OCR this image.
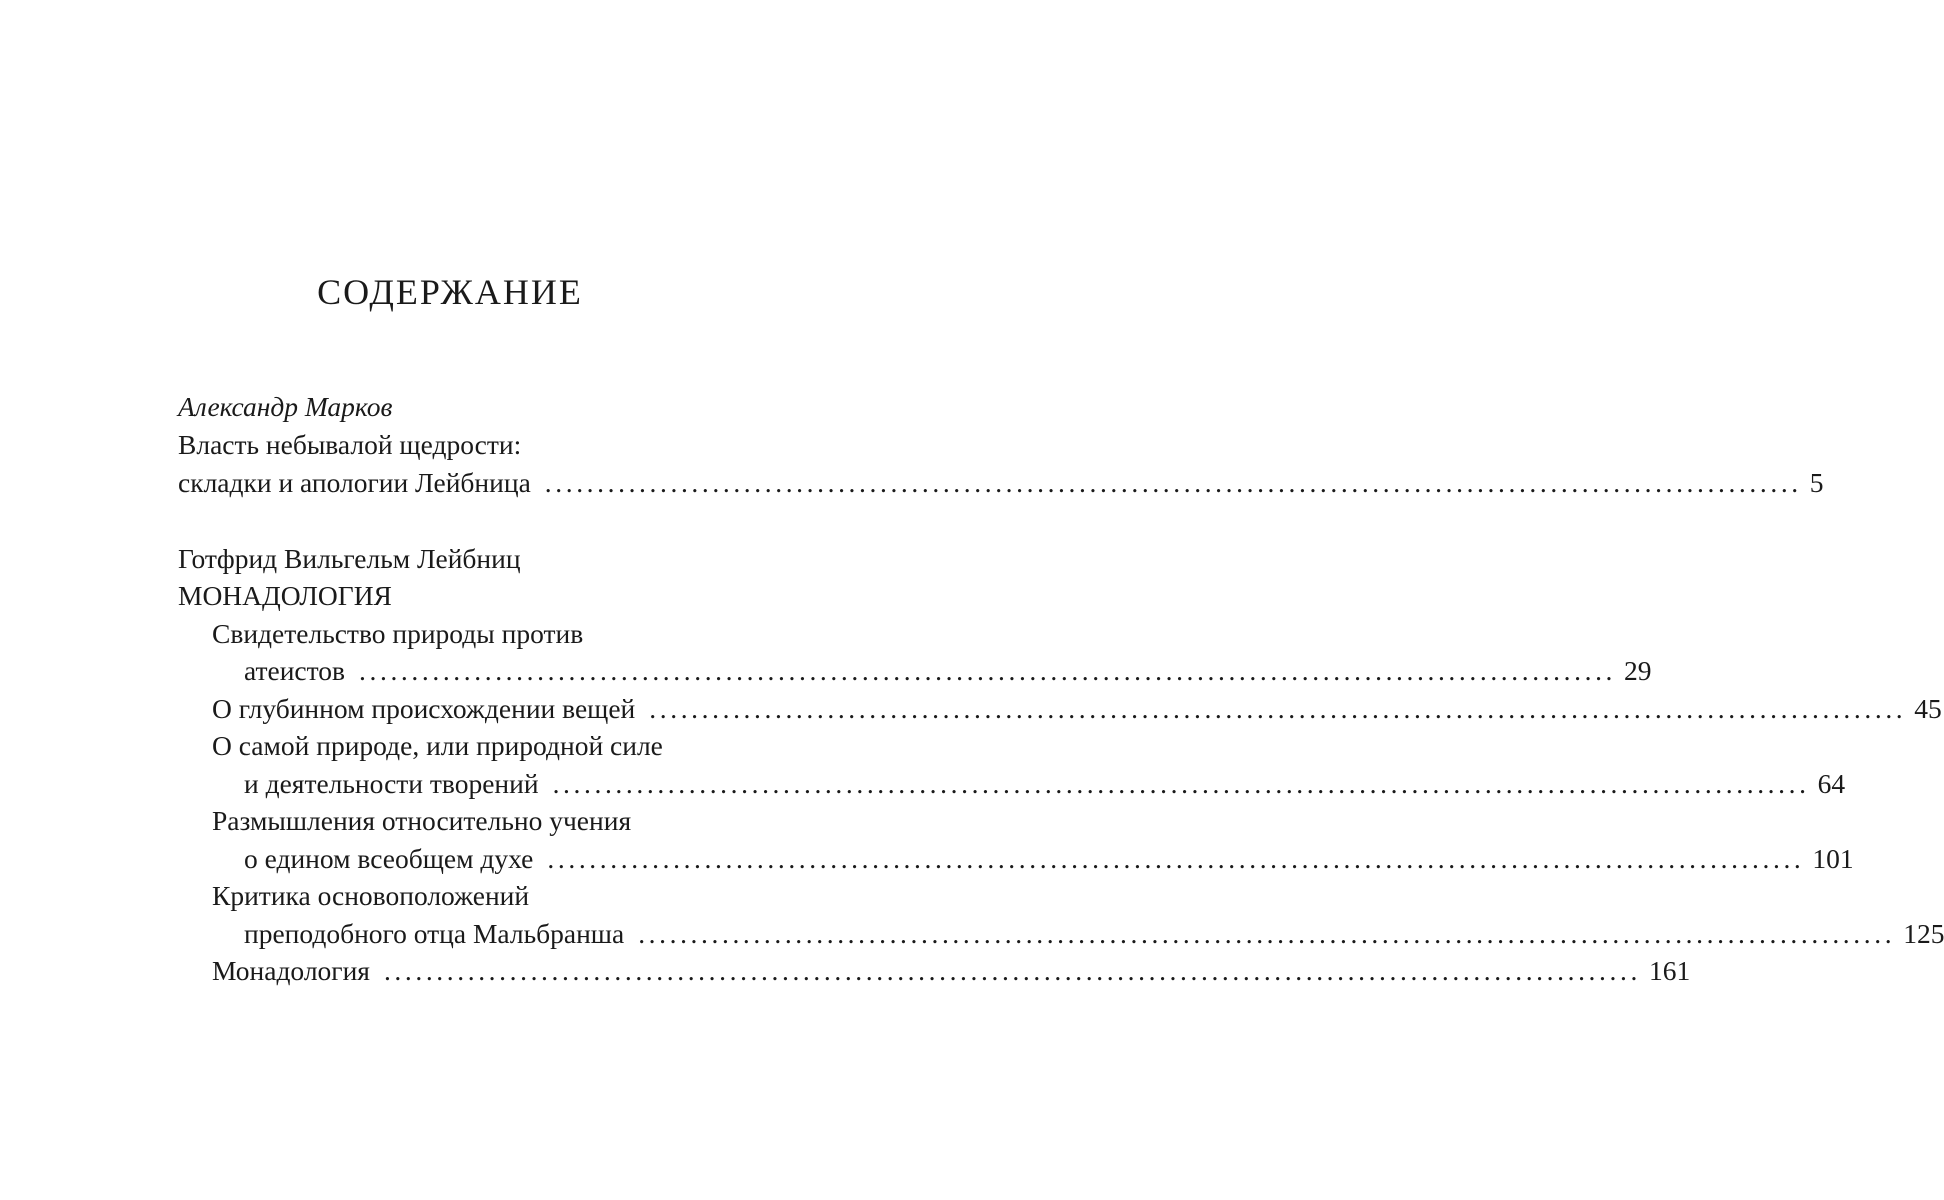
СОДЕРЖАНИЕ
Александр Марков
Власть небывалой щедрости:
складки и апологии Лейбница ........................................................................................................................ 5
Готфрид Вильгельм Лейбниц
МОНАДОЛОГИЯ
Свидетельство природы против
атеистов ........................................................................................................................ 29
О глубинном происхождении вещей ........................................................................................................................ 45
О самой природе, или природной силе
и деятельности творений ........................................................................................................................ 64
Размышления относительно учения
о едином всеобщем духе ........................................................................................................................ 101
Критика основоположений
преподобного отца Мальбранша ........................................................................................................................ 125
Монадология ........................................................................................................................ 161
